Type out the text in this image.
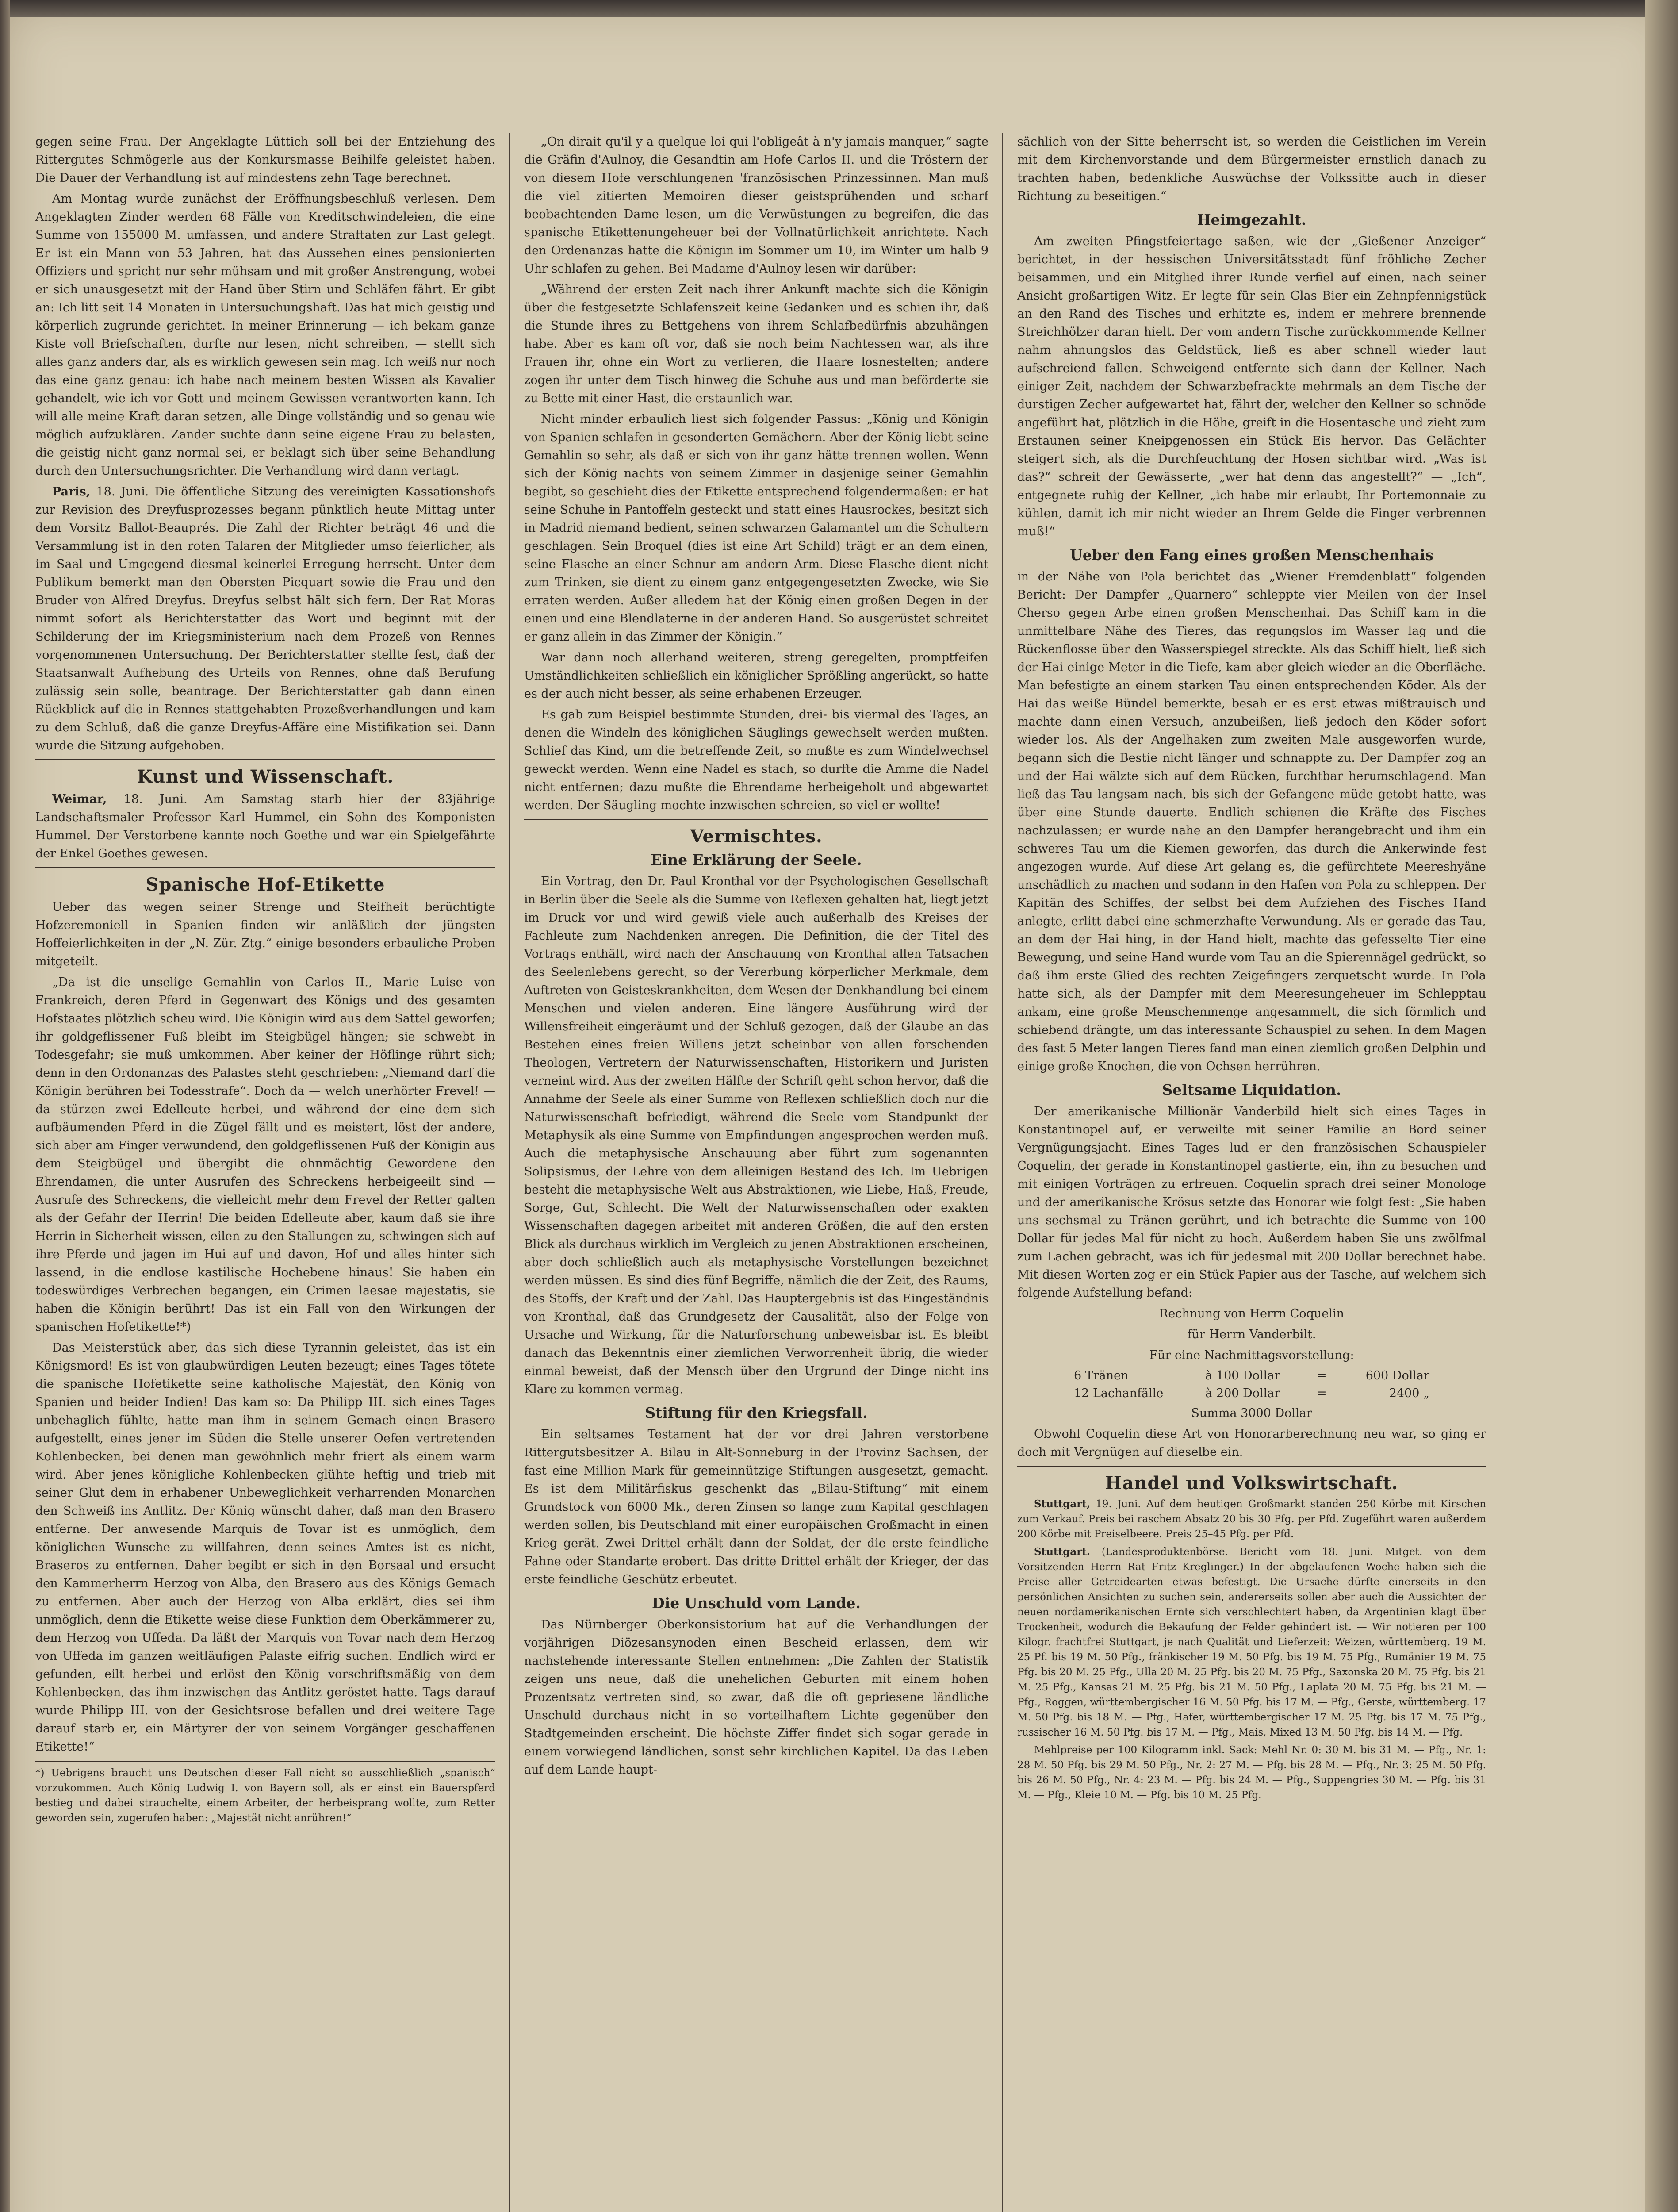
gegen seine Frau. Der Angeklagte Lüttich soll bei der Entziehung des Rittergutes Schmögerle aus der Konkursmasse Beihilfe geleistet haben. Die Dauer der Verhandlung ist auf mindestens zehn Tage berechnet.

Am Montag wurde zunächst der Eröffnungsbeschluß verlesen. Dem Angeklagten Zinder werden 68 Fälle von Kreditschwindeleien, die eine Summe von 155000 M. umfassen, und andere Straftaten zur Last gelegt. Er ist ein Mann von 53 Jahren, hat das Aussehen eines pensionierten Offiziers und spricht nur sehr mühsam und mit großer Anstrengung, wobei er sich unausgesetzt mit der Hand über Stirn und Schläfen fährt. Er gibt an: Ich litt seit 14 Monaten in Untersuchungshaft. Das hat mich geistig und körperlich zugrunde gerichtet. In meiner Erinnerung — ich bekam ganze Kiste voll Briefschaften, durfte nur lesen, nicht schreiben, — stellt sich alles ganz anders dar, als es wirklich gewesen sein mag. Ich weiß nur noch das eine ganz genau: ich habe nach meinem besten Wissen als Kavalier gehandelt, wie ich vor Gott und meinem Gewissen verantworten kann. Ich will alle meine Kraft daran setzen, alle Dinge vollständig und so genau wie möglich aufzuklären. Zander suchte dann seine eigene Frau zu belasten, die geistig nicht ganz normal sei, er beklagt sich über seine Behandlung durch den Untersuchungsrichter. Die Verhandlung wird dann vertagt.

Paris, 18. Juni. Die öffentliche Sitzung des vereinigten Kassationshofs zur Revision des Dreyfusprozesses begann pünktlich heute Mittag unter dem Vorsitz Ballot-Beauprés. Die Zahl der Richter beträgt 46 und die Versammlung ist in den roten Talaren der Mitglieder umso feierlicher, als im Saal und Umgegend diesmal keinerlei Erregung herrscht. Unter dem Publikum bemerkt man den Obersten Picquart sowie die Frau und den Bruder von Alfred Dreyfus. Dreyfus selbst hält sich fern. Der Rat Moras nimmt sofort als Berichterstatter das Wort und beginnt mit der Schilderung der im Kriegsministerium nach dem Prozeß von Rennes vorgenommenen Untersuchung. Der Berichterstatter stellte fest, daß der Staatsanwalt Aufhebung des Urteils von Rennes, ohne daß Berufung zulässig sein solle, beantrage. Der Berichterstatter gab dann einen Rückblick auf die in Rennes stattgehabten Prozeßverhandlungen und kam zu dem Schluß, daß die ganze Dreyfus-Affäre eine Mistifikation sei. Dann wurde die Sitzung aufgehoben.

Kunst und Wissenschaft.

Weimar, 18. Juni. Am Samstag starb hier der 83jährige Landschaftsmaler Professor Karl Hummel, ein Sohn des Komponisten Hummel. Der Verstorbene kannte noch Goethe und war ein Spielgefährte der Enkel Goethes gewesen.

Spanische Hof-Etikette

Ueber das wegen seiner Strenge und Steifheit berüchtigte Hofzeremoniell in Spanien finden wir anläßlich der jüngsten Hoffeierlichkeiten in der „N. Zür. Ztg.“ einige besonders erbauliche Proben mitgeteilt.

„Da ist die unselige Gemahlin von Carlos II., Marie Luise von Frankreich, deren Pferd in Gegenwart des Königs und des gesamten Hofstaates plötzlich scheu wird. Die Königin wird aus dem Sattel geworfen; ihr goldgeflissener Fuß bleibt im Steigbügel hängen; sie schwebt in Todesgefahr; sie muß umkommen. Aber keiner der Höflinge rührt sich; denn in den Ordonanzas des Palastes steht geschrieben: „Niemand darf die Königin berühren bei Todesstrafe“. Doch da — welch unerhörter Frevel! — da stürzen zwei Edelleute herbei, und während der eine dem sich aufbäumenden Pferd in die Zügel fällt und es meistert, löst der andere, sich aber am Finger verwundend, den goldgeflissenen Fuß der Königin aus dem Steigbügel und übergibt die ohnmächtig Gewordene den Ehrendamen, die unter Ausrufen des Schreckens herbeigeeilt sind — Ausrufe des Schreckens, die vielleicht mehr dem Frevel der Retter galten als der Gefahr der Herrin! Die beiden Edelleute aber, kaum daß sie ihre Herrin in Sicherheit wissen, eilen zu den Stallungen zu, schwingen sich auf ihre Pferde und jagen im Hui auf und davon, Hof und alles hinter sich lassend, in die endlose kastilische Hochebene hinaus! Sie haben ein todeswürdiges Verbrechen begangen, ein Crimen laesae majestatis, sie haben die Königin berührt! Das ist ein Fall von den Wirkungen der spanischen Hofetikette!*)

Das Meisterstück aber, das sich diese Tyrannin geleistet, das ist ein Königsmord! Es ist von glaubwürdigen Leuten bezeugt; eines Tages tötete die spanische Hofetikette seine katholische Majestät, den König von Spanien und beider Indien! Das kam so: Da Philipp III. sich eines Tages unbehaglich fühlte, hatte man ihm in seinem Gemach einen Brasero aufgestellt, eines jener im Süden die Stelle unserer Oefen vertretenden Kohlenbecken, bei denen man gewöhnlich mehr friert als einem warm wird. Aber jenes königliche Kohlenbecken glühte heftig und trieb mit seiner Glut dem in erhabener Unbeweglichkeit verharrenden Monarchen den Schweiß ins Antlitz. Der König wünscht daher, daß man den Brasero entferne. Der anwesende Marquis de Tovar ist es unmöglich, dem königlichen Wunsche zu willfahren, denn seines Amtes ist es nicht, Braseros zu entfernen. Daher begibt er sich in den Borsaal und ersucht den Kammerherrn Herzog von Alba, den Brasero aus des Königs Gemach zu entfernen. Aber auch der Herzog von Alba erklärt, dies sei ihm unmöglich, denn die Etikette weise diese Funktion dem Oberkämmerer zu, dem Herzog von Uffeda. Da läßt der Marquis von Tovar nach dem Herzog von Uffeda im ganzen weitläufigen Palaste eifrig suchen. Endlich wird er gefunden, eilt herbei und erlöst den König vorschriftsmäßig von dem Kohlenbecken, das ihm inzwischen das Antlitz geröstet hatte. Tags darauf wurde Philipp III. von der Gesichtsrose befallen und drei weitere Tage darauf starb er, ein Märtyrer der von seinem Vorgänger geschaffenen Etikette!“

*) Uebrigens braucht uns Deutschen dieser Fall nicht so ausschließlich „spanisch“ vorzukommen. Auch König Ludwig I. von Bayern soll, als er einst ein Bauerspferd bestieg und dabei strauchelte, einem Arbeiter, der herbeisprang wollte, zum Retter geworden sein, zugerufen haben: „Majestät nicht anrühren!“

„On dirait qu'il y a quelque loi qui l'obligeât à n'y jamais manquer,“ sagte die Gräfin d'Aulnoy, die Gesandtin am Hofe Carlos II. und die Tröstern der von diesem Hofe verschlungenen 'französischen Prinzessinnen. Man muß die viel zitierten Memoiren dieser geistsprühenden und scharf beobachtenden Dame lesen, um die Verwüstungen zu begreifen, die das spanische Etikettenungeheuer bei der Vollnatürlichkeit anrichtete. Nach den Ordenanzas hatte die Königin im Sommer um 10, im Winter um halb 9 Uhr schlafen zu gehen. Bei Madame d'Aulnoy lesen wir darüber:

„Während der ersten Zeit nach ihrer Ankunft machte sich die Königin über die festgesetzte Schlafenszeit keine Gedanken und es schien ihr, daß die Stunde ihres zu Bettgehens von ihrem Schlafbedürfnis abzuhängen habe. Aber es kam oft vor, daß sie noch beim Nachtessen war, als ihre Frauen ihr, ohne ein Wort zu verlieren, die Haare losnestelten; andere zogen ihr unter dem Tisch hinweg die Schuhe aus und man beförderte sie zu Bette mit einer Hast, die erstaunlich war.

Nicht minder erbaulich liest sich folgender Passus: „König und Königin von Spanien schlafen in gesonderten Gemächern. Aber der König liebt seine Gemahlin so sehr, als daß er sich von ihr ganz hätte trennen wollen. Wenn sich der König nachts von seinem Zimmer in dasjenige seiner Gemahlin begibt, so geschieht dies der Etikette entsprechend folgendermaßen: er hat seine Schuhe in Pantoffeln gesteckt und statt eines Hausrockes, besitzt sich in Madrid niemand bedient, seinen schwarzen Galamantel um die Schultern geschlagen. Sein Broquel (dies ist eine Art Schild) trägt er an dem einen, seine Flasche an einer Schnur am andern Arm. Diese Flasche dient nicht zum Trinken, sie dient zu einem ganz entgegengesetzten Zwecke, wie Sie erraten werden. Außer alledem hat der König einen großen Degen in der einen und eine Blendlaterne in der anderen Hand. So ausgerüstet schreitet er ganz allein in das Zimmer der Königin.“

War dann noch allerhand weiteren, streng geregelten, promptfeifen Umständlichkeiten schließlich ein königlicher Sprößling angerückt, so hatte es der auch nicht besser, als seine erhabenen Erzeuger.

Es gab zum Beispiel bestimmte Stunden, drei- bis viermal des Tages, an denen die Windeln des königlichen Säuglings gewechselt werden mußten. Schlief das Kind, um die betreffende Zeit, so mußte es zum Windelwechsel geweckt werden. Wenn eine Nadel es stach, so durfte die Amme die Nadel nicht entfernen; dazu mußte die Ehrendame herbeigeholt und abgewartet werden. Der Säugling mochte inzwischen schreien, so viel er wollte!

Vermischtes.
Eine Erklärung der Seele.

Ein Vortrag, den Dr. Paul Kronthal vor der Psychologischen Gesellschaft in Berlin über die Seele als die Summe von Reflexen gehalten hat, liegt jetzt im Druck vor und wird gewiß viele auch außerhalb des Kreises der Fachleute zum Nachdenken anregen. Die Definition, die der Titel des Vortrags enthält, wird nach der Anschauung von Kronthal allen Tatsachen des Seelenlebens gerecht, so der Vererbung körperlicher Merkmale, dem Auftreten von Geisteskrankheiten, dem Wesen der Denkhandlung bei einem Menschen und vielen anderen. Eine längere Ausführung wird der Willensfreiheit eingeräumt und der Schluß gezogen, daß der Glaube an das Bestehen eines freien Willens jetzt scheinbar von allen forschenden Theologen, Vertretern der Naturwissenschaften, Historikern und Juristen verneint wird. Aus der zweiten Hälfte der Schrift geht schon hervor, daß die Annahme der Seele als einer Summe von Reflexen schließlich doch nur die Naturwissenschaft befriedigt, während die Seele vom Standpunkt der Metaphysik als eine Summe von Empfindungen angesprochen werden muß. Auch die metaphysische Anschauung aber führt zum sogenannten Solipsismus, der Lehre von dem alleinigen Bestand des Ich. Im Uebrigen besteht die metaphysische Welt aus Abstraktionen, wie Liebe, Haß, Freude, Sorge, Gut, Schlecht. Die Welt der Naturwissenschaften oder exakten Wissenschaften dagegen arbeitet mit anderen Größen, die auf den ersten Blick als durchaus wirklich im Vergleich zu jenen Abstraktionen erscheinen, aber doch schließlich auch als metaphysische Vorstellungen bezeichnet werden müssen. Es sind dies fünf Begriffe, nämlich die der Zeit, des Raums, des Stoffs, der Kraft und der Zahl. Das Hauptergebnis ist das Eingeständnis von Kronthal, daß das Grundgesetz der Causalität, also der Folge von Ursache und Wirkung, für die Naturforschung unbeweisbar ist. Es bleibt danach das Bekenntnis einer ziemlichen Verworrenheit übrig, die wieder einmal beweist, daß der Mensch über den Urgrund der Dinge nicht ins Klare zu kommen vermag.

Stiftung für den Kriegsfall.

Ein seltsames Testament hat der vor drei Jahren verstorbene Rittergutsbesitzer A. Bilau in Alt-Sonneburg in der Provinz Sachsen, der fast eine Million Mark für gemeinnützige Stiftungen ausgesetzt, gemacht. Es ist dem Militärfiskus geschenkt das „Bilau-Stiftung“ mit einem Grundstock von 6000 Mk., deren Zinsen so lange zum Kapital geschlagen werden sollen, bis Deutschland mit einer europäischen Großmacht in einen Krieg gerät. Zwei Drittel erhält dann der Soldat, der die erste feindliche Fahne oder Standarte erobert. Das dritte Drittel erhält der Krieger, der das erste feindliche Geschütz erbeutet.

Die Unschuld vom Lande.

Das Nürnberger Oberkonsistorium hat auf die Verhandlungen der vorjährigen Diözesansynoden einen Bescheid erlassen, dem wir nachstehende interessante Stellen entnehmen: „Die Zahlen der Statistik zeigen uns neue, daß die unehelichen Geburten mit einem hohen Prozentsatz vertreten sind, so zwar, daß die oft gepriesene ländliche Unschuld durchaus nicht in so vorteilhaftem Lichte gegenüber den Stadtgemeinden erscheint. Die höchste Ziffer findet sich sogar gerade in einem vorwiegend ländlichen, sonst sehr kirchlichen Kapitel. Da das Leben auf dem Lande haupt-

sächlich von der Sitte beherrscht ist, so werden die Geistlichen im Verein mit dem Kirchenvorstande und dem Bürgermeister ernstlich danach zu trachten haben, bedenkliche Auswüchse der Volkssitte auch in dieser Richtung zu beseitigen.“

Heimgezahlt.

Am zweiten Pfingstfeiertage saßen, wie der „Gießener Anzeiger“ berichtet, in der hessischen Universitätsstadt fünf fröhliche Zecher beisammen, und ein Mitglied ihrer Runde verfiel auf einen, nach seiner Ansicht großartigen Witz. Er legte für sein Glas Bier ein Zehnpfennigstück an den Rand des Tisches und erhitzte es, indem er mehrere brennende Streichhölzer daran hielt. Der vom andern Tische zurückkommende Kellner nahm ahnungslos das Geldstück, ließ es aber schnell wieder laut aufschreiend fallen. Schweigend entfernte sich dann der Kellner. Nach einiger Zeit, nachdem der Schwarzbefrackte mehrmals an dem Tische der durstigen Zecher aufgewartet hat, fährt der, welcher den Kellner so schnöde angeführt hat, plötzlich in die Höhe, greift in die Hosentasche und zieht zum Erstaunen seiner Kneipgenossen ein Stück Eis hervor. Das Gelächter steigert sich, als die Durchfeuchtung der Hosen sichtbar wird. „Was ist das?“ schreit der Gewässerte, „wer hat denn das angestellt?“ — „Ich“, entgegnete ruhig der Kellner, „ich habe mir erlaubt, Ihr Portemonnaie zu kühlen, damit ich mir nicht wieder an Ihrem Gelde die Finger verbrennen muß!“

Ueber den Fang eines großen Menschenhais

in der Nähe von Pola berichtet das „Wiener Fremdenblatt“ folgenden Bericht: Der Dampfer „Quarnero“ schleppte vier Meilen von der Insel Cherso gegen Arbe einen großen Menschenhai. Das Schiff kam in die unmittelbare Nähe des Tieres, das regungslos im Wasser lag und die Rückenflosse über den Wasserspiegel streckte. Als das Schiff hielt, ließ sich der Hai einige Meter in die Tiefe, kam aber gleich wieder an die Oberfläche. Man befestigte an einem starken Tau einen entsprechenden Köder. Als der Hai das weiße Bündel bemerkte, besah er es erst etwas mißtrauisch und machte dann einen Versuch, anzubeißen, ließ jedoch den Köder sofort wieder los. Als der Angelhaken zum zweiten Male ausgeworfen wurde, begann sich die Bestie nicht länger und schnappte zu. Der Dampfer zog an und der Hai wälzte sich auf dem Rücken, furchtbar herumschlagend. Man ließ das Tau langsam nach, bis sich der Gefangene müde getobt hatte, was über eine Stunde dauerte. Endlich schienen die Kräfte des Fisches nachzulassen; er wurde nahe an den Dampfer herangebracht und ihm ein schweres Tau um die Kiemen geworfen, das durch die Ankerwinde fest angezogen wurde. Auf diese Art gelang es, die gefürchtete Meereshyäne unschädlich zu machen und sodann in den Hafen von Pola zu schleppen. Der Kapitän des Schiffes, der selbst bei dem Aufziehen des Fisches Hand anlegte, erlitt dabei eine schmerzhafte Verwundung. Als er gerade das Tau, an dem der Hai hing, in der Hand hielt, machte das gefesselte Tier eine Bewegung, und seine Hand wurde vom Tau an die Spierennägel gedrückt, so daß ihm erste Glied des rechten Zeigefingers zerquetscht wurde. In Pola hatte sich, als der Dampfer mit dem Meeresungeheuer im Schlepptau ankam, eine große Menschenmenge angesammelt, die sich förmlich und schiebend drängte, um das interessante Schauspiel zu sehen. In dem Magen des fast 5 Meter langen Tieres fand man einen ziemlich großen Delphin und einige große Knochen, die von Ochsen herrühren.

Seltsame Liquidation.

Der amerikanische Millionär Vanderbild hielt sich eines Tages in Konstantinopel auf, er verweilte mit seiner Familie an Bord seiner Vergnügungsjacht. Eines Tages lud er den französischen Schauspieler Coquelin, der gerade in Konstantinopel gastierte, ein, ihn zu besuchen und mit einigen Vorträgen zu erfreuen. Coquelin sprach drei seiner Monologe und der amerikanische Krösus setzte das Honorar wie folgt fest: „Sie haben uns sechsmal zu Tränen gerührt, und ich betrachte die Summe von 100 Dollar für jedes Mal für nicht zu hoch. Außerdem haben Sie uns zwölfmal zum Lachen gebracht, was ich für jedesmal mit 200 Dollar berechnet habe. Mit diesen Worten zog er ein Stück Papier aus der Tasche, auf welchem sich folgende Aufstellung befand:

Rechnung von Herrn Coquelin

für Herrn Vanderbilt.

Für eine Nachmittagsvorstellung:

6 Tränen	à 100 Dollar	=	600 Dollar
12 Lachanfälle	à 200 Dollar	=	2400 „

Summa 3000 Dollar

Obwohl Coquelin diese Art von Honorarberechnung neu war, so ging er doch mit Vergnügen auf dieselbe ein.

Handel und Volkswirtschaft.

Stuttgart, 19. Juni. Auf dem heutigen Großmarkt standen 250 Körbe mit Kirschen zum Verkauf. Preis bei raschem Absatz 20 bis 30 Pfg. per Pfd. Zugeführt waren außerdem 200 Körbe mit Preiselbeere. Preis 25–45 Pfg. per Pfd.

Stuttgart. (Landesproduktenbörse. Bericht vom 18. Juni. Mitget. von dem Vorsitzenden Herrn Rat Fritz Kreglinger.) In der abgelaufenen Woche haben sich die Preise aller Getreidearten etwas befestigt. Die Ursache dürfte einerseits in den persönlichen Ansichten zu suchen sein, andererseits sollen aber auch die Aussichten der neuen nordamerikanischen Ernte sich verschlechtert haben, da Argentinien klagt über Trockenheit, wodurch die Bekaufung der Felder gehindert ist. — Wir notieren per 100 Kilogr. frachtfrei Stuttgart, je nach Qualität und Lieferzeit: Weizen, württemberg. 19 M. 25 Pf. bis 19 M. 50 Pfg., fränkischer 19 M. 50 Pfg. bis 19 M. 75 Pfg., Rumänier 19 M. 75 Pfg. bis 20 M. 25 Pfg., Ulla 20 M. 25 Pfg. bis 20 M. 75 Pfg., Saxonska 20 M. 75 Pfg. bis 21 M. 25 Pfg., Kansas 21 M. 25 Pfg. bis 21 M. 50 Pfg., Laplata 20 M. 75 Pfg. bis 21 M. — Pfg., Roggen, württembergischer 16 M. 50 Pfg. bis 17 M. — Pfg., Gerste, württemberg. 17 M. 50 Pfg. bis 18 M. — Pfg., Hafer, württembergischer 17 M. 25 Pfg. bis 17 M. 75 Pfg., russischer 16 M. 50 Pfg. bis 17 M. — Pfg., Mais, Mixed 13 M. 50 Pfg. bis 14 M. — Pfg.

Mehlpreise per 100 Kilogramm inkl. Sack: Mehl Nr. 0: 30 M. bis 31 M. — Pfg., Nr. 1: 28 M. 50 Pfg. bis 29 M. 50 Pfg., Nr. 2: 27 M. — Pfg. bis 28 M. — Pfg., Nr. 3: 25 M. 50 Pfg. bis 26 M. 50 Pfg., Nr. 4: 23 M. — Pfg. bis 24 M. — Pfg., Suppengries 30 M. — Pfg. bis 31 M. — Pfg., Kleie 10 M. — Pfg. bis 10 M. 25 Pfg.
